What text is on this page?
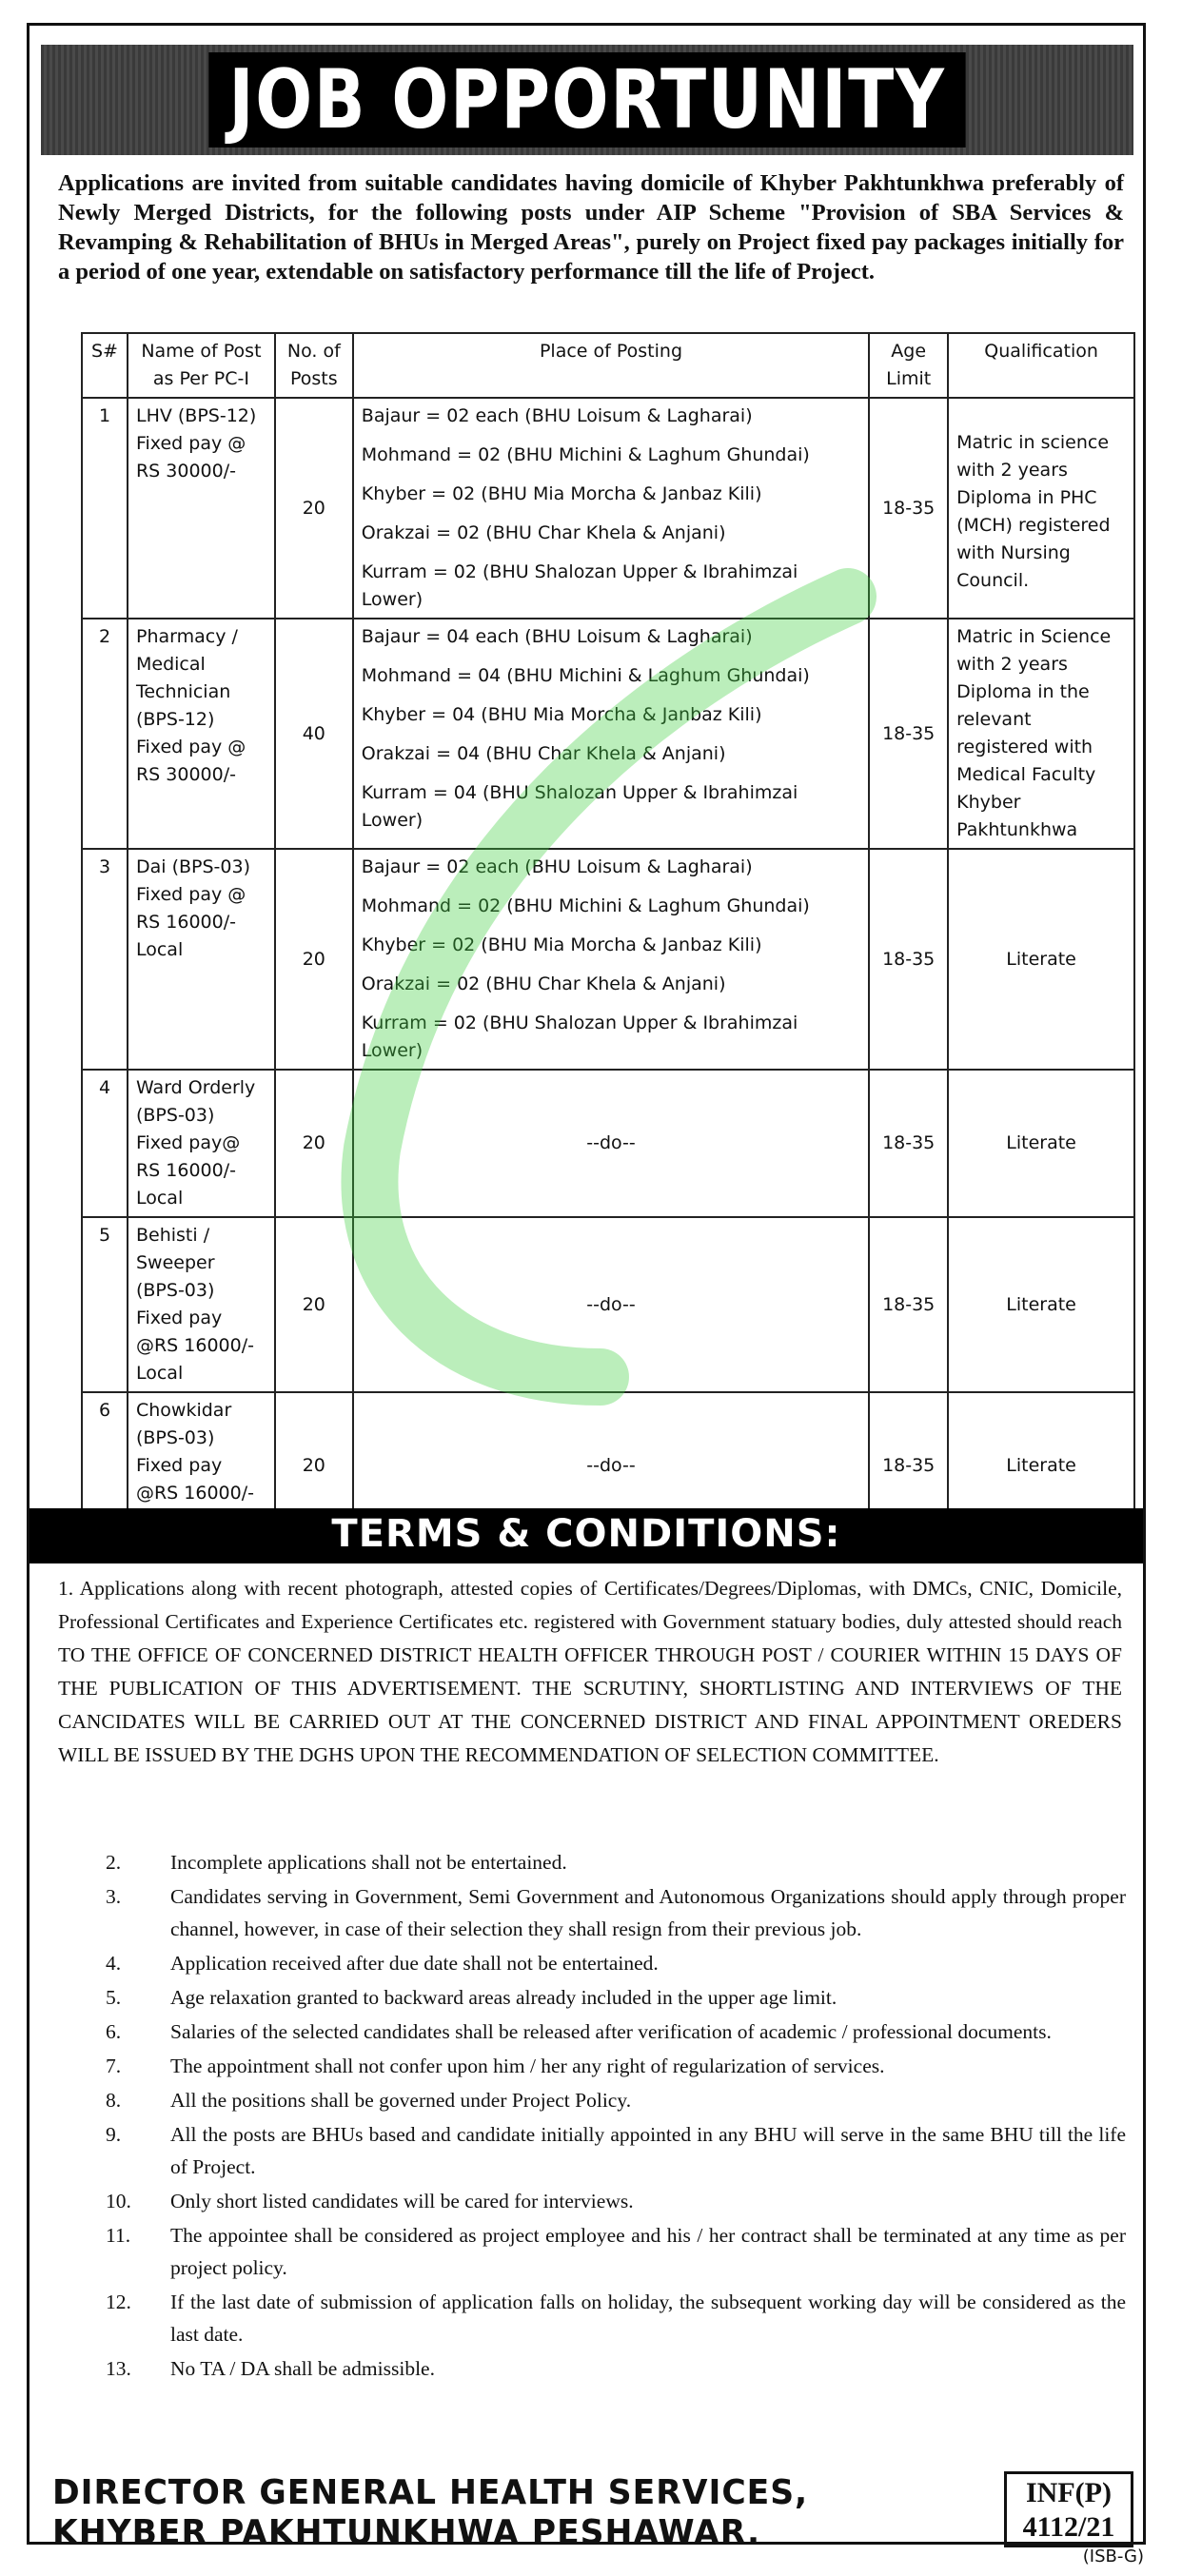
JOB OPPORTUNITY

Applications are invited from suitable candidates having domicile of Khyber Pakhtunkhwa preferably of Newly Merged Districts, for the following posts under AIP Scheme "Provision of SBA Services & Revamping & Rehabilitation of BHUs in Merged Areas", purely on Project fixed pay packages initially for a period of one year, extendable on satisfactory performance till the life of Project.

S#	Name of Post as Per PC-I	No. of Posts	Place of Posting	Age Limit	Qualification
1	LHV (BPS-12) Fixed pay @ RS 30000/-	20	Bajaur = 02 each (BHU Loisum & Lagharai)
Mohmand = 02 (BHU Michini & Laghum Ghundai)
Khyber = 02 (BHU Mia Morcha & Janbaz Kili)
Orakzai = 02 (BHU Char Khela & Anjani)
Kurram = 02 (BHU Shalozan Upper & Ibrahimzai Lower)	18-35	Matric in science with 2 years Diploma in PHC (MCH) registered with Nursing Council.
2	Pharmacy / Medical Technician (BPS-12) Fixed pay @ RS 30000/-	40	Bajaur = 04 each (BHU Loisum & Lagharai)
Mohmand = 04 (BHU Michini & Laghum Ghundai)
Khyber = 04 (BHU Mia Morcha & Janbaz Kili)
Orakzai = 04 (BHU Char Khela & Anjani)
Kurram = 04 (BHU Shalozan Upper & Ibrahimzai Lower)	18-35	Matric in Science with 2 years Diploma in the relevant registered with Medical Faculty Khyber Pakhtunkhwa
3	Dai (BPS-03) Fixed pay @ RS 16000/- Local	20	Bajaur = 02 each (BHU Loisum & Lagharai)
Mohmand = 02 (BHU Michini & Laghum Ghundai)
Khyber = 02 (BHU Mia Morcha & Janbaz Kili)
Orakzai = 02 (BHU Char Khela & Anjani)
Kurram = 02 (BHU Shalozan Upper & Ibrahimzai Lower)	18-35	Literate
4	Ward Orderly (BPS-03) Fixed pay@ RS 16000/- Local	20	--do--	18-35	Literate
5	Behisti / Sweeper (BPS-03) Fixed pay @RS 16000/- Local	20	--do--	18-35	Literate
6	Chowkidar (BPS-03) Fixed pay @RS 16000/-	20	--do--	18-35	Literate
TERMS & CONDITIONS:

1. Applications along with recent photograph, attested copies of Certificates/Degrees/Diplomas, with DMCs, CNIC, Domicile, Professional Certificates and Experience Certificates etc. registered with Government statuary bodies, duly attested should reach TO THE OFFICE OF CONCERNED DISTRICT HEALTH OFFICER THROUGH POST / COURIER WITHIN 15 DAYS OF THE PUBLICATION OF THIS ADVERTISEMENT. THE SCRUTINY, SHORTLISTING AND INTERVIEWS OF THE CANCIDATES WILL BE CARRIED OUT AT THE CONCERNED DISTRICT AND FINAL APPOINTMENT OREDERS WILL BE ISSUED BY THE DGHS UPON THE RECOMMENDATION OF SELECTION COMMITTEE.

2.	Incomplete applications shall not be entertained.
3.	Candidates serving in Government, Semi Government and Autonomous Organizations should apply through proper channel, however, in case of their selection they shall resign from their previous job.
4.	Application received after due date shall not be entertained.
5.	Age relaxation granted to backward areas already included in the upper age limit.
6.	Salaries of the selected candidates shall be released after verification of academic / professional documents.
7.	The appointment shall not confer upon him / her any right of regularization of services.
8.	All the positions shall be governed under Project Policy.
9.	All the posts are BHUs based and candidate initially appointed in any BHU will serve in the same BHU till the life of Project.
10.	Only short listed candidates will be cared for interviews.
11.	The appointee shall be considered as project employee and his / her contract shall be terminated at any time as per project policy.
12.	If the last date of submission of application falls on holiday, the subsequent working day will be considered as the last date.
13.	No TA / DA shall be admissible.
DIRECTOR GENERAL HEALTH SERVICES,
KHYBER PAKHTUNKHWA PESHAWAR.
INF(P)
4112/21
(ISB-G)
